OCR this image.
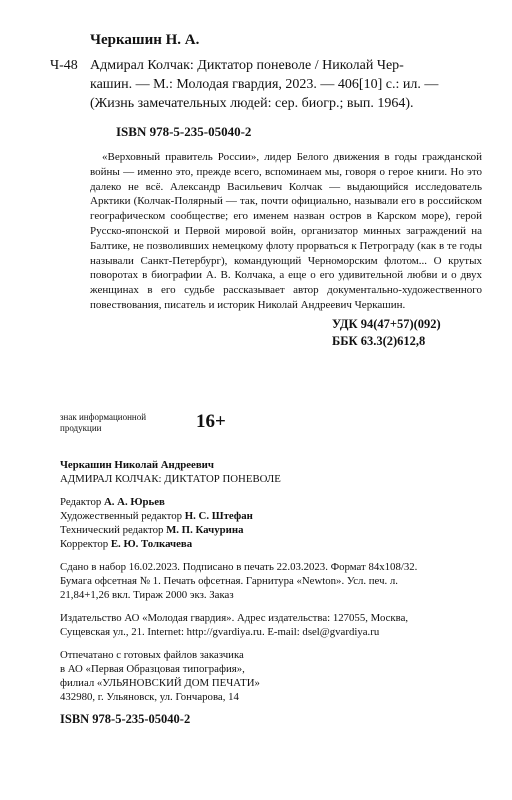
Черкашин Н. А.
Ч-48 Адмирал Колчак: Диктатор поневоле / Николай Чер-
кашин. — М.: Молодая гвардия, 2023. — 406[10] с.: ил. —
(Жизнь замечательных людей: сер. биогр.; вып. 1964).
ISBN 978-5-235-05040-2

«Верховный правитель России», лидер Белого движения в годы гражданской войны — именно это, прежде всего, вспоминаем мы, говоря о герое книги. Но это далеко не всё. Александр Васильевич Колчак — выдающийся исследователь Арктики (Колчак-Полярный — так, почти официально, называли его в российском географическом сообществе; его именем назван остров в Карском море), герой Русско-японской и Первой мировой войн, организатор минных заграждений на Балтике, не позволивших немецкому флоту прорваться к Петрограду (как в те годы называли Санкт-Петербург), командующий Черноморским флотом... О крутых поворотах в биографии А. В. Колчака, а еще о его удивительной любви и о двух женщинах в его судьбе рассказывает автор документально-художественного повествования, писатель и историк Николай Андреевич Черкашин.

УДК 94(47+57)(092)
ББК 63.3(2)612,8
знак информационной
продукции	16+
Черкашин Николай Андреевич
АДМИРАЛ КОЛЧАК: ДИКТАТОР ПОНЕВОЛЕ
Редактор А. А. Юрьев
Художественный редактор Н. С. Штефан
Технический редактор М. П. Качурина
Корректор Е. Ю. Толкачева
Сдано в набор 16.02.2023. Подписано в печать 22.03.2023. Формат 84х108/32.
Бумага офсетная № 1. Печать офсетная. Гарнитура «Newton». Усл. печ. л.
21,84+1,26 вкл. Тираж 2000 экз. Заказ
Издательство АО «Молодая гвардия». Адрес издательства: 127055, Москва,
Сущевская ул., 21. Internet: http://gvardiya.ru. E-mail: dsel@gvardiya.ru
Отпечатано с готовых файлов заказчика
в АО «Первая Образцовая типография»,
филиал «УЛЬЯНОВСКИЙ ДОМ ПЕЧАТИ»
432980, г. Ульяновск, ул. Гончарова, 14
ISBN 978-5-235-05040-2
